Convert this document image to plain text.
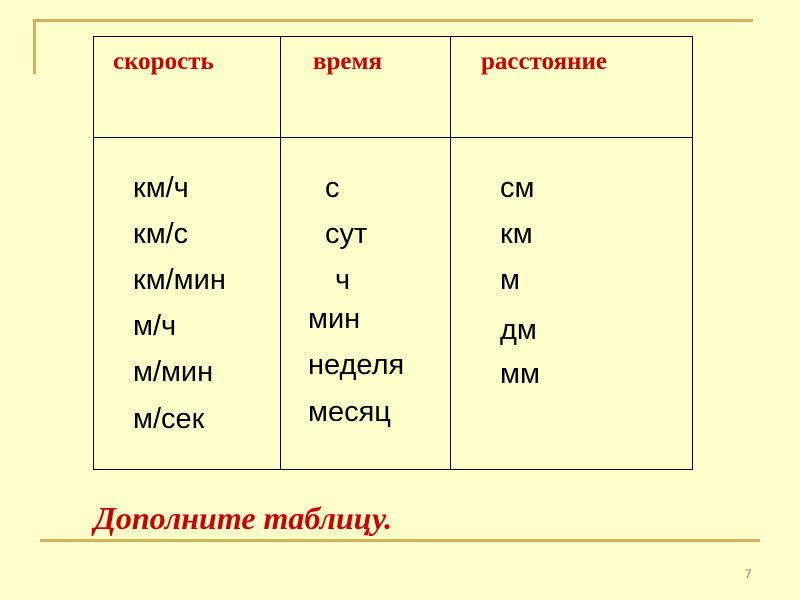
скорость	время	расстояние
км/ч
км/с
км/мин
м/ч
м/мин
м/сек
с
сут
ч
мин
неделя
месяц
см
км
м
дм
мм
Дополните таблицу.
7
